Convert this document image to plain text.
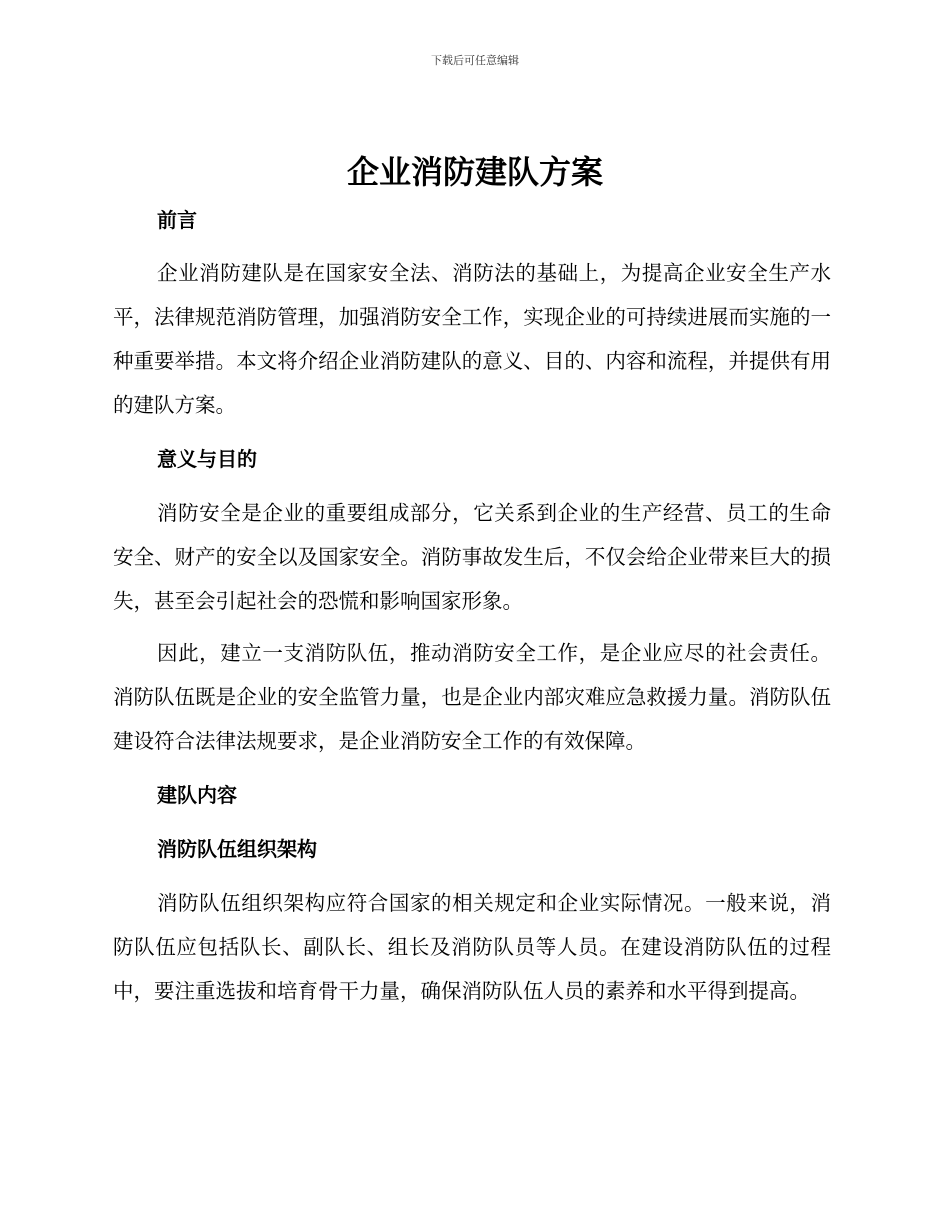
下载后可任意编辑
企业消防建队方案
前言

企业消防建队是在国家安全法、消防法的基础上，为提高企业安全生产水平，法律规范消防管理，加强消防安全工作，实现企业的可持续进展而实施的一种重要举措。本文将介绍企业消防建队的意义、目的、内容和流程，并提供有用的建队方案。

意义与目的

消防安全是企业的重要组成部分，它关系到企业的生产经营、员工的生命安全、财产的安全以及国家安全。消防事故发生后，不仅会给企业带来巨大的损失，甚至会引起社会的恐慌和影响国家形象。

因此，建立一支消防队伍，推动消防安全工作，是企业应尽的社会责任。消防队伍既是企业的安全监管力量，也是企业内部灾难应急救援力量。消防队伍建设符合法律法规要求，是企业消防安全工作的有效保障。

建队内容
消防队伍组织架构

消防队伍组织架构应符合国家的相关规定和企业实际情况。一般来说，消防队伍应包括队长、副队长、组长及消防队员等人员。在建设消防队伍的过程中，要注重选拔和培育骨干力量，确保消防队伍人员的素养和水平得到提高。
